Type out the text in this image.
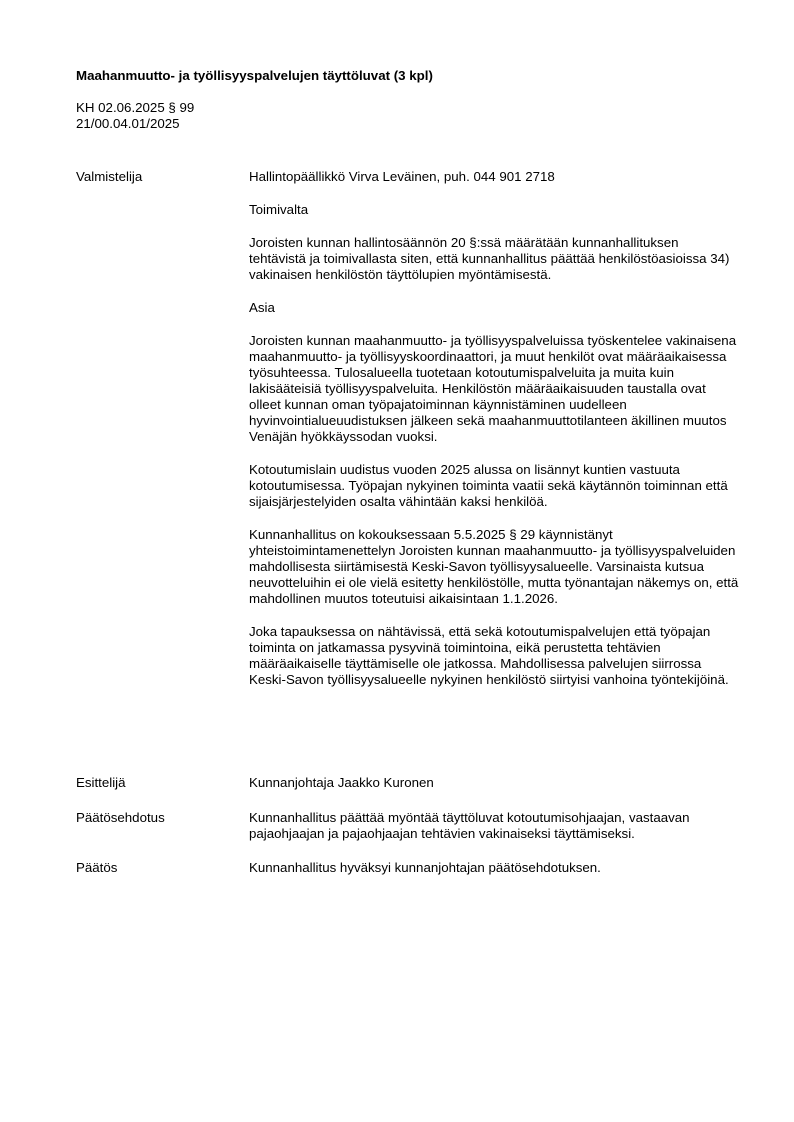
Maahanmuutto- ja työllisyyspalvelujen täyttöluvat (3 kpl)
KH 02.06.2025 § 99
21/00.04.01/2025
Valmistelija	Hallintopäällikkö Virva Leväinen, puh. 044 901 2718

Toimivalta

Joroisten kunnan hallintosäännön 20 §:ssä määrätään kunnanhallituksen tehtävistä ja toimivallasta siten, että kunnanhallitus päättää henkilöstöasioissa 34) vakinaisen henkilöstön täyttölupien myöntämisestä.

Asia

Joroisten kunnan maahanmuutto- ja työllisyyspalveluissa työskentelee vakinaisena maahanmuutto- ja työllisyyskoordinaattori, ja muut henkilöt ovat määräaikaisessa työsuhteessa. Tulosalueella tuotetaan kotoutumispalveluita ja muita kuin lakisääteisiä työllisyyspalveluita. Henkilöstön määräaikaisuuden taustalla ovat olleet kunnan oman työpajatoiminnan käynnistäminen uudelleen hyvinvointialueuudistuksen jälkeen sekä maahanmuuttotilanteen äkillinen muutos Venäjän hyökkäyssodan vuoksi.

Kotoutumislain uudistus vuoden 2025 alussa on lisännyt kuntien vastuuta kotoutumisessa. Työpajan nykyinen toiminta vaatii sekä käytännön toiminnan että sijaisjärjestelyiden osalta vähintään kaksi henkilöä.

Kunnanhallitus on kokouksessaan 5.5.2025 § 29 käynnistänyt yhteistoimintamenettelyn Joroisten kunnan maahanmuutto- ja työllisyyspalveluiden mahdollisesta siirtämisestä Keski-Savon työllisyysalueelle. Varsinaista kutsua neuvotteluihin ei ole vielä esitetty henkilöstölle, mutta työnantajan näkemys on, että mahdollinen muutos toteutuisi aikaisintaan 1.1.2026.

Joka tapauksessa on nähtävissä, että sekä kotoutumispalvelujen että työpajan toiminta on jatkamassa pysyvinä toimintoina, eikä perustetta tehtävien määräaikaiselle täyttämiselle ole jatkossa. Mahdollisessa palvelujen siirrossa Keski-Savon työllisyysalueelle nykyinen henkilöstö siirtyisi vanhoina työntekijöinä.

Esittelijä	Kunnanjohtaja Jaakko Kuronen
Päätösehdotus	Kunnanhallitus päättää myöntää täyttöluvat kotoutumisohjaajan, vastaavan pajaohjaajan ja pajaohjaajan tehtävien vakinaiseksi täyttämiseksi.
Päätös	Kunnanhallitus hyväksyi kunnanjohtajan päätösehdotuksen.
